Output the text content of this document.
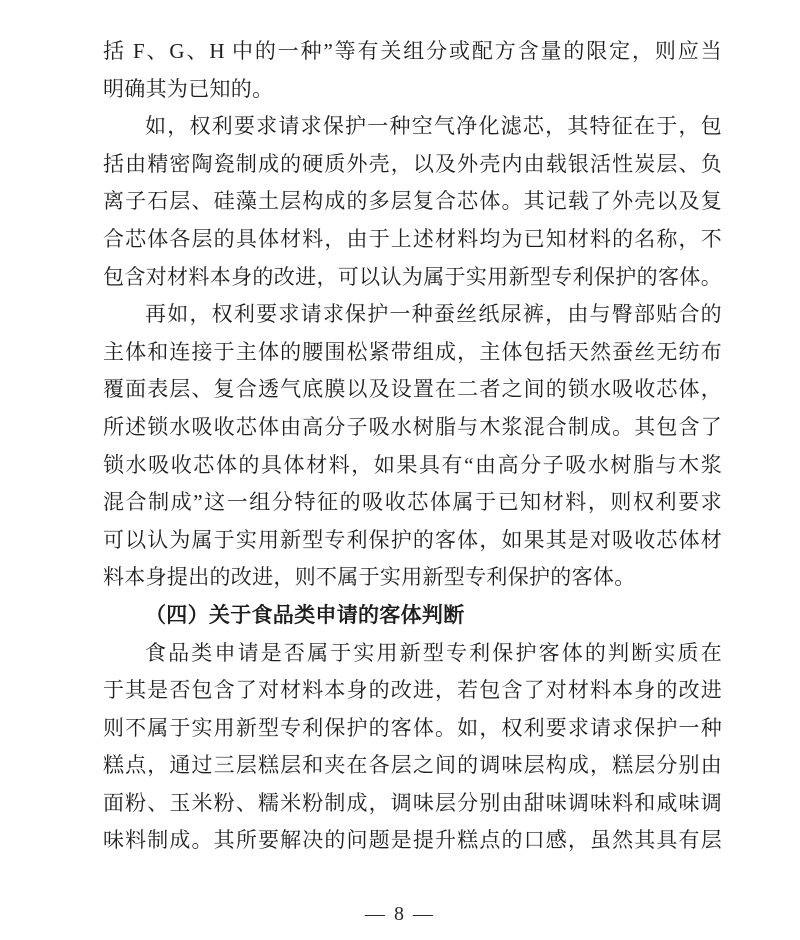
括 F、G、H 中的一种”等有关组分或配方含量的限定，则应当
明确其为已知的。
如，权利要求请求保护一种空气净化滤芯，其特征在于，包
括由精密陶瓷制成的硬质外壳，以及外壳内由载银活性炭层、负
离子石层、硅藻土层构成的多层复合芯体。其记载了外壳以及复
合芯体各层的具体材料，由于上述材料均为已知材料的名称，不
包含对材料本身的改进，可以认为属于实用新型专利保护的客体。
再如，权利要求请求保护一种蚕丝纸尿裤，由与臀部贴合的
主体和连接于主体的腰围松紧带组成，主体包括天然蚕丝无纺布
覆面表层、复合透气底膜以及设置在二者之间的锁水吸收芯体，
所述锁水吸收芯体由高分子吸水树脂与木浆混合制成。其包含了
锁水吸收芯体的具体材料，如果具有“由高分子吸水树脂与木浆
混合制成”这一组分特征的吸收芯体属于已知材料，则权利要求
可以认为属于实用新型专利保护的客体，如果其是对吸收芯体材
料本身提出的改进，则不属于实用新型专利保护的客体。
（四）关于食品类申请的客体判断
食品类申请是否属于实用新型专利保护客体的判断实质在
于其是否包含了对材料本身的改进，若包含了对材料本身的改进
则不属于实用新型专利保护的客体。如，权利要求请求保护一种
糕点，通过三层糕层和夹在各层之间的调味层构成，糕层分别由
面粉、玉米粉、糯米粉制成，调味层分别由甜味调味料和咸味调
味料制成。其所要解决的问题是提升糕点的口感，虽然其具有层
— 8 —
